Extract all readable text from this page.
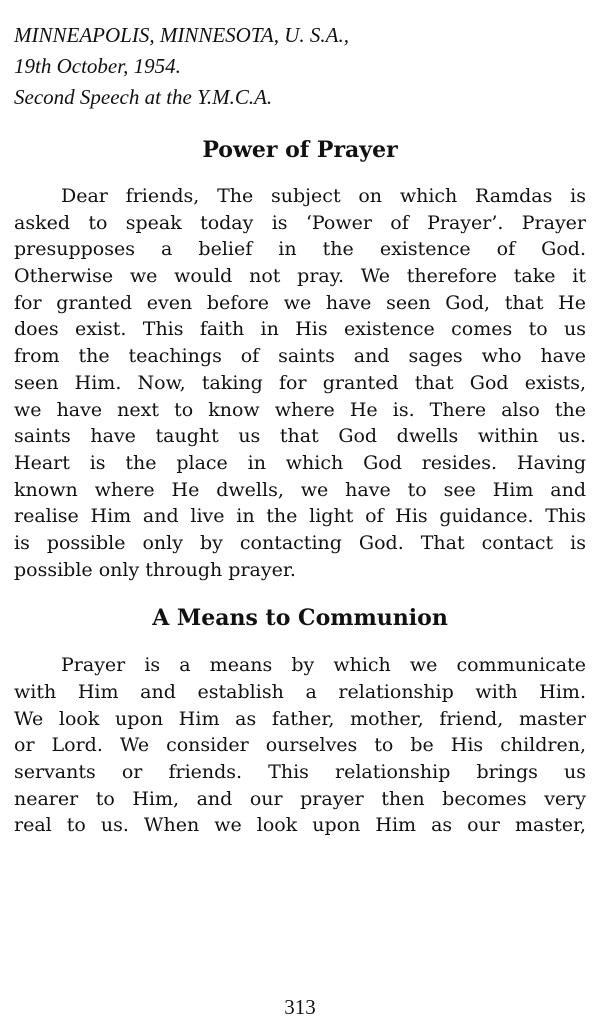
MINNEAPOLIS, MINNESOTA, U. S.A.,

19th October, 1954.

Second Speech at the Y.M.C.A.

Power of Prayer
Dear friends, The subject on which Ramdas is
asked to speak today is ‘Power of Prayer’. Prayer
presupposes a belief in the existence of God.
Otherwise we would not pray. We therefore take it
for granted even before we have seen God, that He
does exist. This faith in His existence comes to us
from the teachings of saints and sages who have
seen Him. Now, taking for granted that God exists,
we have next to know where He is. There also the
saints have taught us that God dwells within us.
Heart is the place in which God resides. Having
known where He dwells, we have to see Him and
realise Him and live in the light of His guidance. This
is possible only by contacting God. That contact is
possible only through prayer.
A Means to Communion
Prayer is a means by which we communicate
with Him and establish a relationship with Him.
We look upon Him as father, mother, friend, master
or Lord. We consider ourselves to be His children,
servants or friends. This relationship brings us
nearer to Him, and our prayer then becomes very
real to us. When we look upon Him as our master,

313
